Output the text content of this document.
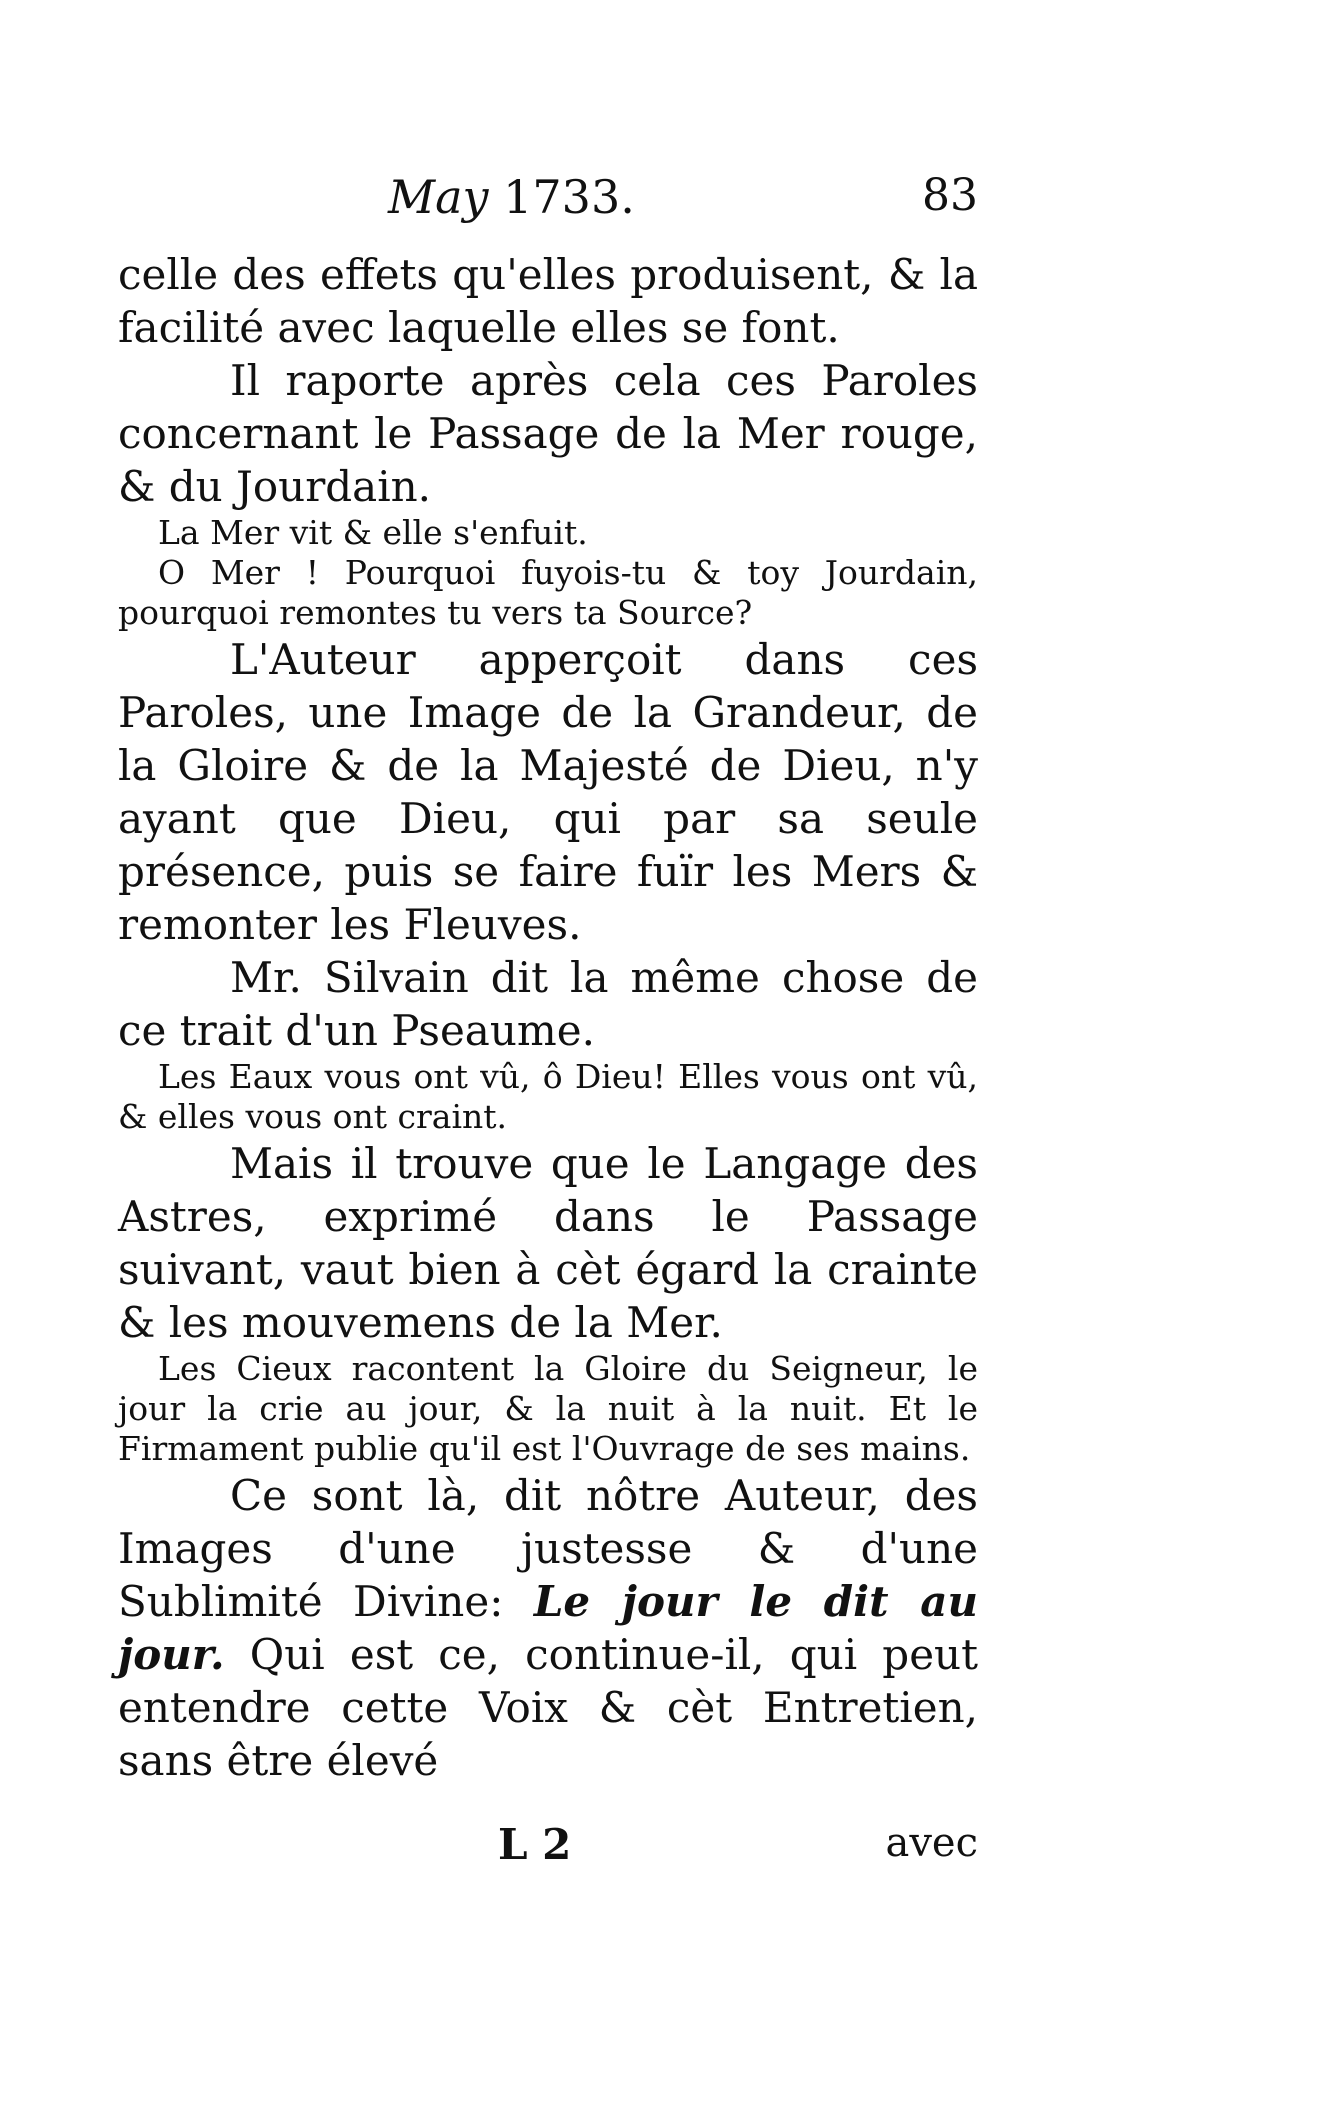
May 1733.	83

celle des effets qu'elles produisent, & la facilité avec laquelle elles se font.

Il raporte après cela ces Paroles concernant le Passage de la Mer rouge, & du Jourdain.

La Mer vit & elle s'enfuit.

O Mer ! Pourquoi fuyois-tu & toy Jourdain, pourquoi remontes tu vers ta Source?

L'Auteur apperçoit dans ces Paroles, une Image de la Grandeur, de la Gloire & de la Majesté de Dieu, n'y ayant que Dieu, qui par sa seule présence, puis se faire fuïr les Mers & remonter les Fleuves.

Mr. Silvain dit la même chose de ce trait d'un Pseaume.

Les Eaux vous ont vû, ô Dieu! Elles vous ont vû, & elles vous ont craint.

Mais il trouve que le Langage des Astres, exprimé dans le Passage suivant, vaut bien à cèt égard la crainte & les mouvemens de la Mer.

Les Cieux racontent la Gloire du Seigneur, le jour la crie au jour, & la nuit à la nuit. Et le Firmament publie qu'il est l'Ouvrage de ses mains.

Ce sont là, dit nôtre Auteur, des Images d'une justesse & d'une Sublimité Divine: Le jour le dit au jour. Qui est ce, continue-il, qui peut entendre cette Voix & cèt Entretien, sans être élevé

L 2	avec
